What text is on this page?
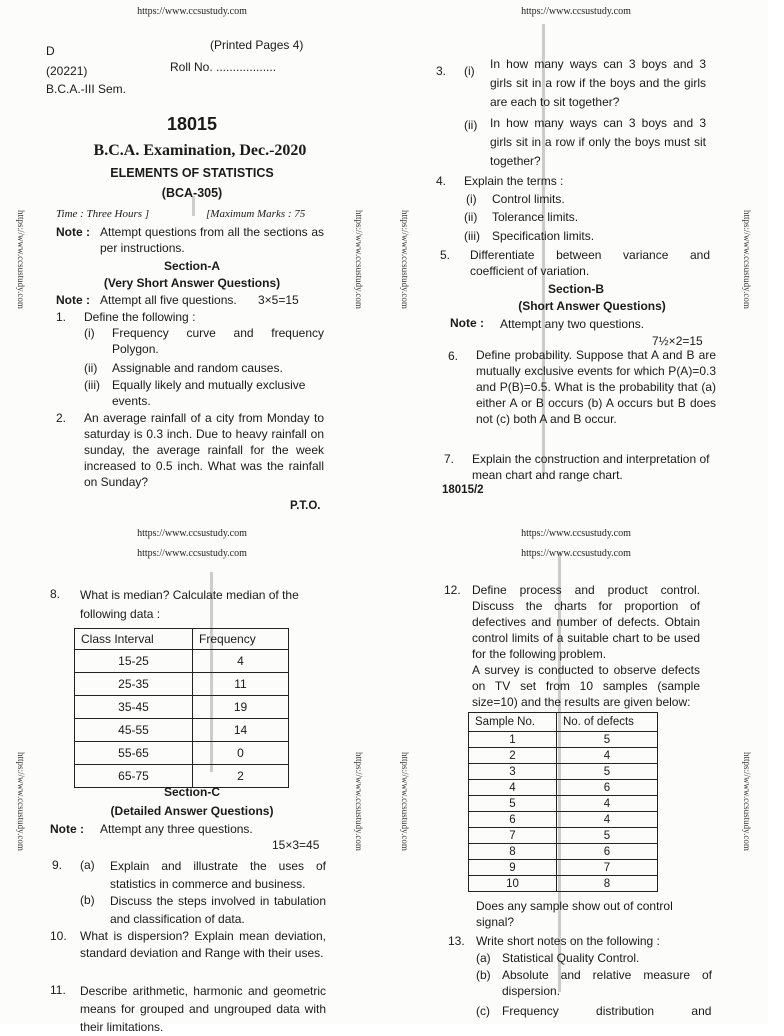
https://www.ccsustudy.com
https://www.ccsustudy.com	https://www.ccsustudy.com
D	(Printed Pages 4)
(20221)	Roll No. ..................
B.C.A.-III Sem.
18015
B.C.A. Examination, Dec.-2020
ELEMENTS OF STATISTICS
(BCA-305)
Time : Three Hours ]	[Maximum Marks : 75
Note : Attempt questions from all the sections as per instructions.
Section-A
(Very Short Answer Questions)
Note : Attempt all five questions. 3×5=15
1. Define the following :
(i) Frequency curve and frequency Polygon.
(ii) Assignable and random causes.
(iii) Equally likely and mutually exclusive events.
2. An average rainfall of a city from Monday to saturday is 0.3 inch. Due to heavy rainfall on sunday, the average rainfall for the week increased to 0.5 inch. What was the rainfall on Sunday?
P.T.O.
https://www.ccsustudy.com
https://www.ccsustudy.com	https://www.ccsustudy.com
3. (i) In how many ways can 3 boys and 3 girls sit in a row if the boys and the girls are each to sit together?
(ii) In how many ways can 3 boys and 3 girls sit in a row if only the boys must sit together?
4. Explain the terms :
(i) Control limits.
(ii) Tolerance limits.
(iii) Specification limits.
5. Differentiate between variance and coefficient of variation.
Section-B
(Short Answer Questions)
Note : Attempt any two questions.
7½×2=15
6. Define probability. Suppose that A and B are mutually exclusive events for which P(A)=0.3 and P(B)=0.5. What is the probability that (a) either A or B occurs (b) A occurs but B does not (c) both A and B occur.
7. Explain the construction and interpretation of mean chart and range chart.
18015/2
https://www.ccsustudy.com
https://www.ccsustudy.com
https://www.ccsustudy.com	https://www.ccsustudy.com
8. What is median? Calculate median of the following data :
Class Interval	Frequency
15-25	4
25-35	11
35-45	19
45-55	14
55-65	0
65-75	2
Section-C
(Detailed Answer Questions)
Note : Attempt any three questions.
15×3=45
9. (a) Explain and illustrate the uses of statistics in commerce and business.
(b) Discuss the steps involved in tabulation and classification of data.
10. What is dispersion? Explain mean deviation, standard deviation and Range with their uses.
11. Describe arithmetic, harmonic and geometric means for grouped and ungrouped data with their limitations.
https://www.ccsustudy.com
https://www.ccsustudy.com
https://www.ccsustudy.com	https://www.ccsustudy.com
12. Define process and product control. Discuss the charts for proportion of defectives and number of defects. Obtain control limits of a suitable chart to be used for the following problem.
A survey is conducted to observe defects on TV set from 10 samples (sample size=10) and the results are given below:
Sample No.	No. of defects
1	5
2	4
3	5
4	6
5	4
6	4
7	5
8	6
9	7
10	8
Does any sample show out of control signal?
13. Write short notes on the following :
(a) Statistical Quality Control.
(b) Absolute and relative measure of dispersion.
(c) Frequency distribution and
